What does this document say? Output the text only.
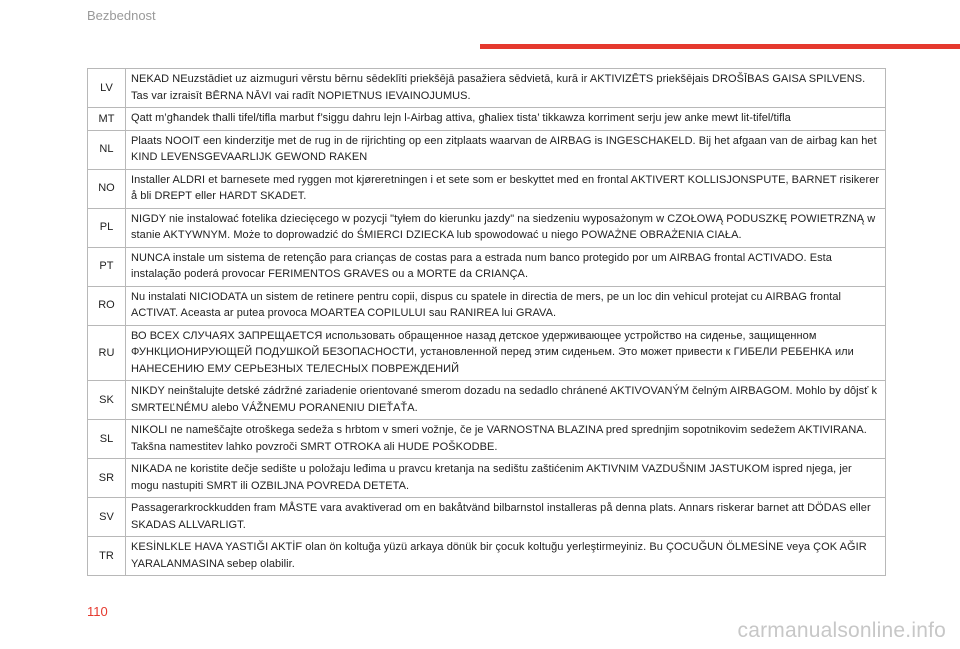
Bezbednost
LV	NEKAD NEuzstādiet uz aizmuguri vērstu bērnu sēdeklīti priekšējā pasažiera sēdvietā, kurā ir AKTIVIZĒTS priekšējais DROŠĪBAS GAISA SPILVENS. Tas var izraisīt BĒRNA NĀVI vai radīt NOPIETNUS IEVAINOJUMUS.
MT	Qatt m’għandek tħalli tifel/tifla marbut f’siggu dahru lejn l-Airbag attiva, għaliex tista’ tikkawza korriment serju jew anke mewt lit-tifel/tifla
NL	Plaats NOOIT een kinderzitje met de rug in de rijrichting op een zitplaats waarvan de AIRBAG is INGESCHAKELD. Bij het afgaan van de airbag kan het KIND LEVENSGEVAARLIJK GEWOND RAKEN
NO	Installer ALDRI et barnesete med ryggen mot kjøreretningen i et sete som er beskyttet med en frontal AKTIVERT KOLLISJONSPUTE, BARNET risikerer å bli DREPT eller HARDT SKADET.
PL	NIGDY nie instalować fotelika dziecięcego w pozycji "tyłem do kierunku jazdy" na siedzeniu wyposażonym w CZOŁOWĄ PODUSZKĘ POWIETRZNĄ w stanie AKTYWNYM. Może to doprowadzić do ŚMIERCI DZIECKA lub spowodować u niego POWAŻNE OBRAŻENIA CIAŁA.
PT	NUNCA instale um sistema de retenção para crianças de costas para a estrada num banco protegido por um AIRBAG frontal ACTIVADO. Esta instalação poderá provocar FERIMENTOS GRAVES ou a MORTE da CRIANÇA.
RO	Nu instalati NICIODATA un sistem de retinere pentru copii, dispus cu spatele in directia de mers, pe un loc din vehicul protejat cu AIRBAG frontal ACTIVAT. Aceasta ar putea provoca MOARTEA COPILULUI sau RANIREA lui GRAVA.
RU	ВО ВСЕХ СЛУЧАЯХ ЗАПРЕЩАЕТСЯ использовать обращенное назад детское удерживающее устройство на сиденье, защищенном ФУНКЦИОНИРУЮЩЕЙ ПОДУШКОЙ БЕЗОПАСНОСТИ, установленной перед этим сиденьем. Это может привести к ГИБЕЛИ РЕБЕНКА или НАНЕСЕНИЮ ЕМУ СЕРЬЕЗНЫХ ТЕЛЕСНЫХ ПОВРЕЖДЕНИЙ
SK	NIKDY neinštalujte detské zádržné zariadenie orientované smerom dozadu na sedadlo chránené AKTIVOVANÝM čelným AIRBAGOM. Mohlo by dôjsť k SMRTEĽNÉMU alebo VÁŽNEMU PORANENIU DIEŤAŤA.
SL	NIKOLI ne nameščajte otroškega sedeža s hrbtom v smeri vožnje, če je VARNOSTNA BLAZINA pred sprednjim sopotnikovim sedežem AKTIVIRANA. Takšna namestitev lahko povzroči SMRT OTROKA ali HUDE POŠKODBE.
SR	NIKADA ne koristite dečje sedište u položaju leđima u pravcu kretanja na sedištu zaštićenim AKTIVNIM VAZDUŠNIM JASTUKOM ispred njega, jer mogu nastupiti SMRT ili OZBILJNA POVREDA DETETA.
SV	Passagerarkrockkudden fram MÅSTE vara avaktiverad om en bakåtvänd bilbarnstol installeras på denna plats. Annars riskerar barnet att DÖDAS eller SKADAS ALLVARLIGT.
TR	KESİNLKLE HAVA YASTIĞI AKTİF olan ön koltuğa yüzü arkaya dönük bir çocuk koltuğu yerleştirmeyiniz. Bu ÇOCUĞUN ÖLMESİNE veya ÇOK AĞIR YARALANMASINA sebep olabilir.
110
carmanualsonline.info
